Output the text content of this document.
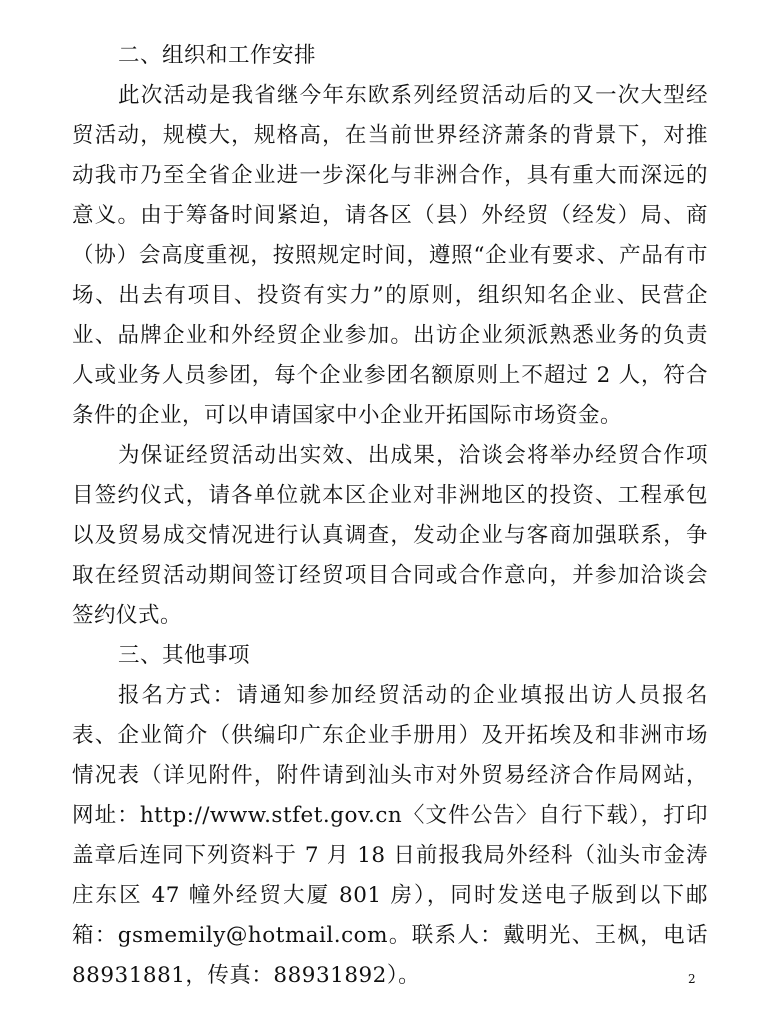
二、组织和工作安排

此次活动是我省继今年东欧系列经贸活动后的又一次大型经贸活动，规模大，规格高，在当前世界经济萧条的背景下，对推动我市乃至全省企业进一步深化与非洲合作，具有重大而深远的意义。由于筹备时间紧迫，请各区（县）外经贸（经发）局、商（协）会高度重视，按照规定时间，遵照“企业有要求、产品有市场、出去有项目、投资有实力”的原则，组织知名企业、民营企业、品牌企业和外经贸企业参加。出访企业须派熟悉业务的负责人或业务人员参团，每个企业参团名额原则上不超过 2 人，符合条件的企业，可以申请国家中小企业开拓国际市场资金。

为保证经贸活动出实效、出成果，洽谈会将举办经贸合作项目签约仪式，请各单位就本区企业对非洲地区的投资、工程承包以及贸易成交情况进行认真调查，发动企业与客商加强联系，争取在经贸活动期间签订经贸项目合同或合作意向，并参加洽谈会签约仪式。

三、其他事项

报名方式：请通知参加经贸活动的企业填报出访人员报名表、企业简介（供编印广东企业手册用）及开拓埃及和非洲市场情况表（详见附件，附件请到汕头市对外贸易经济合作局网站，网址：http://www.stfet.gov.cn〈文件公告〉自行下载），打印盖章后连同下列资料于 7 月 18 日前报我局外经科（汕头市金涛庄东区 47 幢外经贸大厦 801 房），同时发送电子版到以下邮箱：gsmemily@hotmail.com。联系人：戴明光、王枫，电话 88931881，传真：88931892）。	2
